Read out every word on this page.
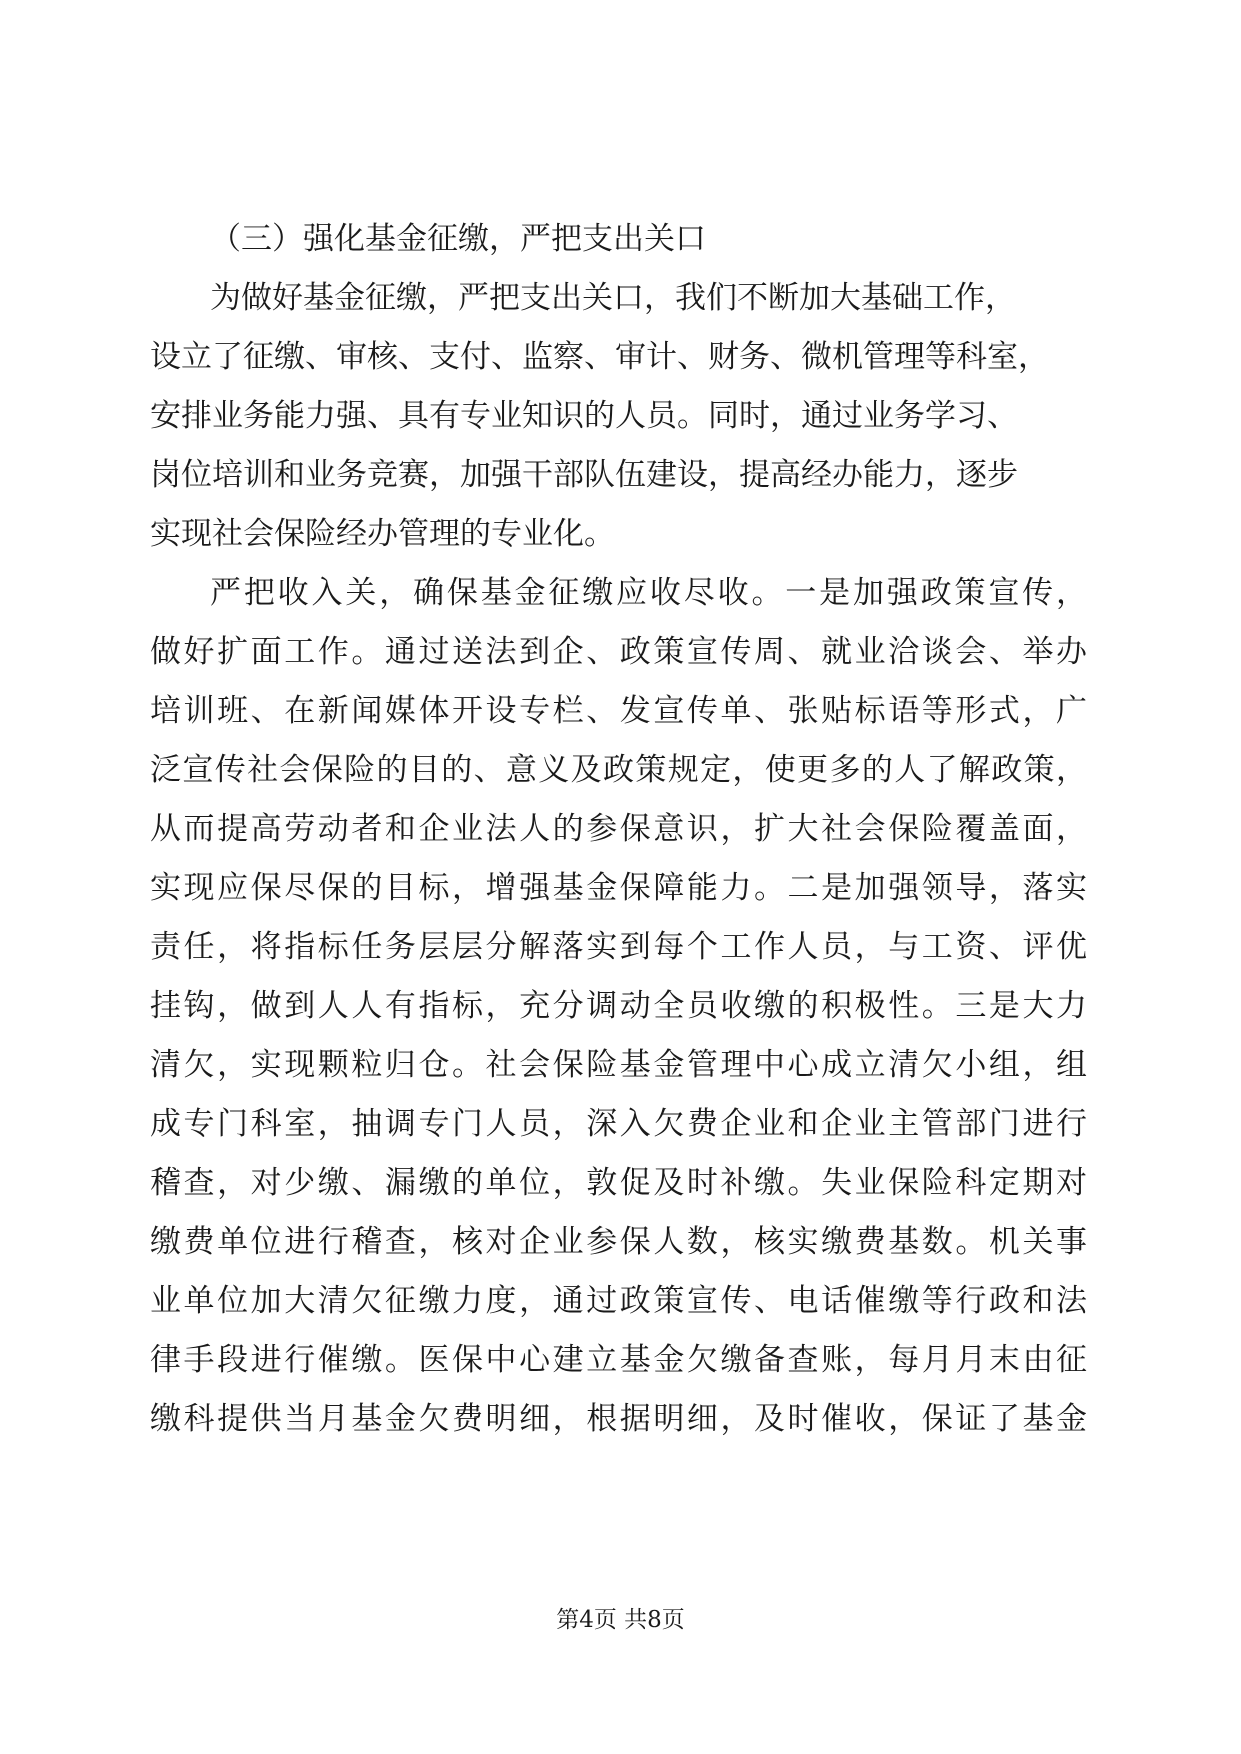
（三）强化基金征缴，严把支出关口
为做好基金征缴，严把支出关口，我们不断加大基础工作，
设立了征缴、审核、支付、监察、审计、财务、微机管理等科室，
安排业务能力强、具有专业知识的人员。同时，通过业务学习、
岗位培训和业务竞赛，加强干部队伍建设，提高经办能力，逐步
实现社会保险经办管理的专业化。
严把收入关，确保基金征缴应收尽收。一是加强政策宣传，
做好扩面工作。通过送法到企、政策宣传周、就业洽谈会、举办
培训班、在新闻媒体开设专栏、发宣传单、张贴标语等形式，广
泛宣传社会保险的目的、意义及政策规定，使更多的人了解政策，
从而提高劳动者和企业法人的参保意识，扩大社会保险覆盖面，
实现应保尽保的目标，增强基金保障能力。二是加强领导，落实
责任，将指标任务层层分解落实到每个工作人员，与工资、评优
挂钩，做到人人有指标，充分调动全员收缴的积极性。三是大力
清欠，实现颗粒归仓。社会保险基金管理中心成立清欠小组，组
成专门科室，抽调专门人员，深入欠费企业和企业主管部门进行
稽查，对少缴、漏缴的单位，敦促及时补缴。失业保险科定期对
缴费单位进行稽查，核对企业参保人数，核实缴费基数。机关事
业单位加大清欠征缴力度，通过政策宣传、电话催缴等行政和法
律手段进行催缴。医保中心建立基金欠缴备查账，每月月末由征
缴科提供当月基金欠费明细，根据明细，及时催收，保证了基金
第4页 共8页
